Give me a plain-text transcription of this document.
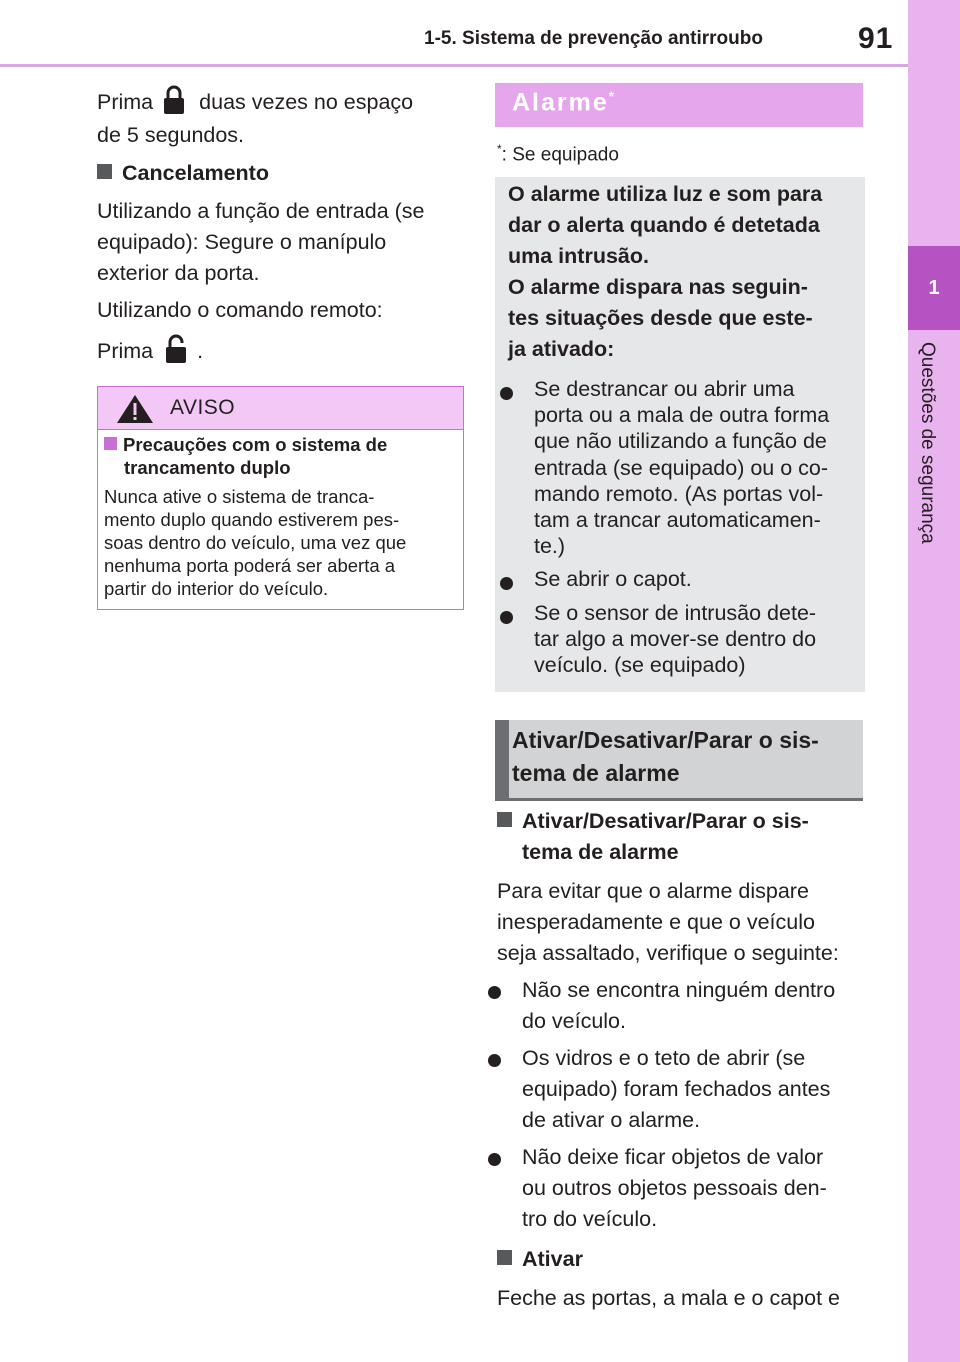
1-5. Sistema de prevenção antirroubo	91
1
Questões de segurança
Prima duas vezes no espaço
de 5 segundos.
Cancelamento
Utilizando a função de entrada (se
equipado): Segure o manípulo
exterior da porta.
Utilizando o comando remoto:
Prima .
AVISO
Precauções com o sistema de
trancamento duplo
Nunca ative o sistema de tranca-
mento duplo quando estiverem pes-
soas dentro do veículo, uma vez que
nenhuma porta poderá ser aberta a
partir do interior do veículo.
Alarme*
*: Se equipado
O alarme utiliza luz e som para
dar o alerta quando é detetada
uma intrusão.
O alarme dispara nas seguin-
tes situações desde que este-
ja ativado:
Se destrancar ou abrir uma
porta ou a mala de outra forma
que não utilizando a função de
entrada (se equipado) ou o co-
mando remoto. (As portas vol-
tam a trancar automaticamen-
te.)
Se abrir o capot.
Se o sensor de intrusão dete-
tar algo a mover-se dentro do
veículo. (se equipado)
Ativar/Desativar/Parar o sis-
tema de alarme
Ativar/Desativar/Parar o sis-
tema de alarme
Para evitar que o alarme dispare
inesperadamente e que o veículo
seja assaltado, verifique o seguinte:
Não se encontra ninguém dentro
do veículo.
Os vidros e o teto de abrir (se
equipado) foram fechados antes
de ativar o alarme.
Não deixe ficar objetos de valor
ou outros objetos pessoais den-
tro do veículo.
Ativar
Feche as portas, a mala e o capot e
